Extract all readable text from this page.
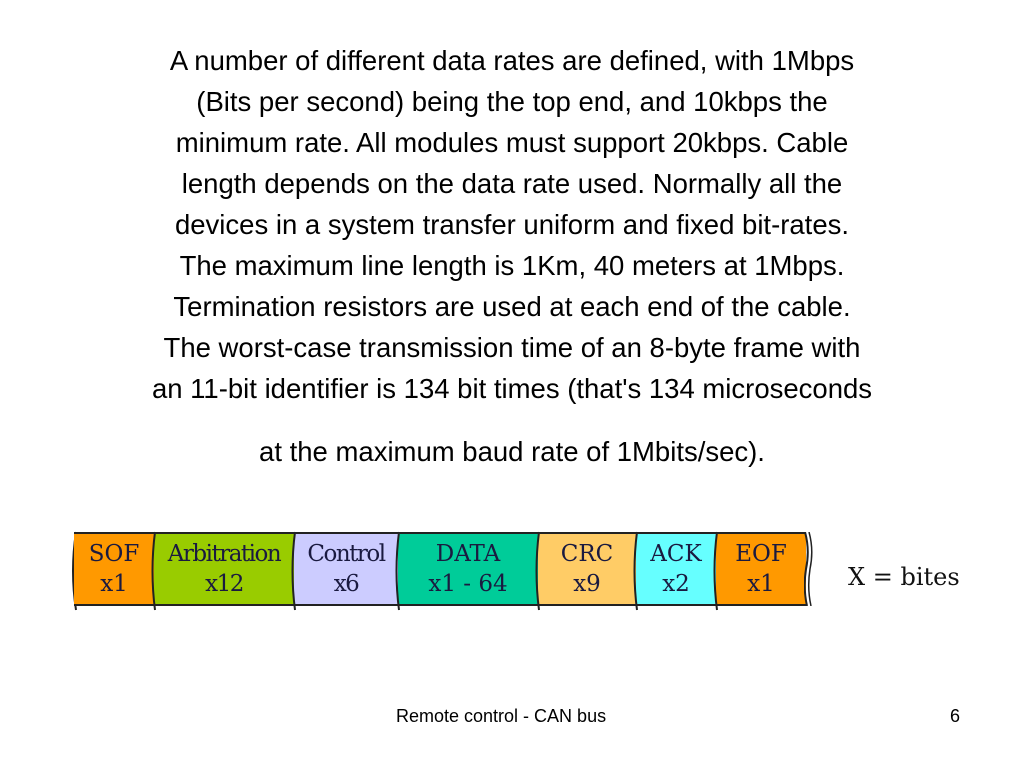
A number of different data rates are defined, with 1Mbps
(Bits per second) being the top end, and 10kbps the
minimum rate. All modules must support 20kbps. Cable
length depends on the data rate used. Normally all the
devices in a system transfer uniform and fixed bit-rates.
The maximum line length is 1Km, 40 meters at 1Mbps.
Termination resistors are used at each end of the cable.
The worst-case transmission time of an 8-byte frame with
an 11-bit identifier is 134 bit times (that's 134 microseconds
at the maximum baud rate of 1Mbits/sec).
SOF
x1
Arbitration
x12
Control
x6
DATA
x1 - 64
CRC
x9
ACK
x2
EOF
x1	X = bites
Remote control - CAN bus	6
